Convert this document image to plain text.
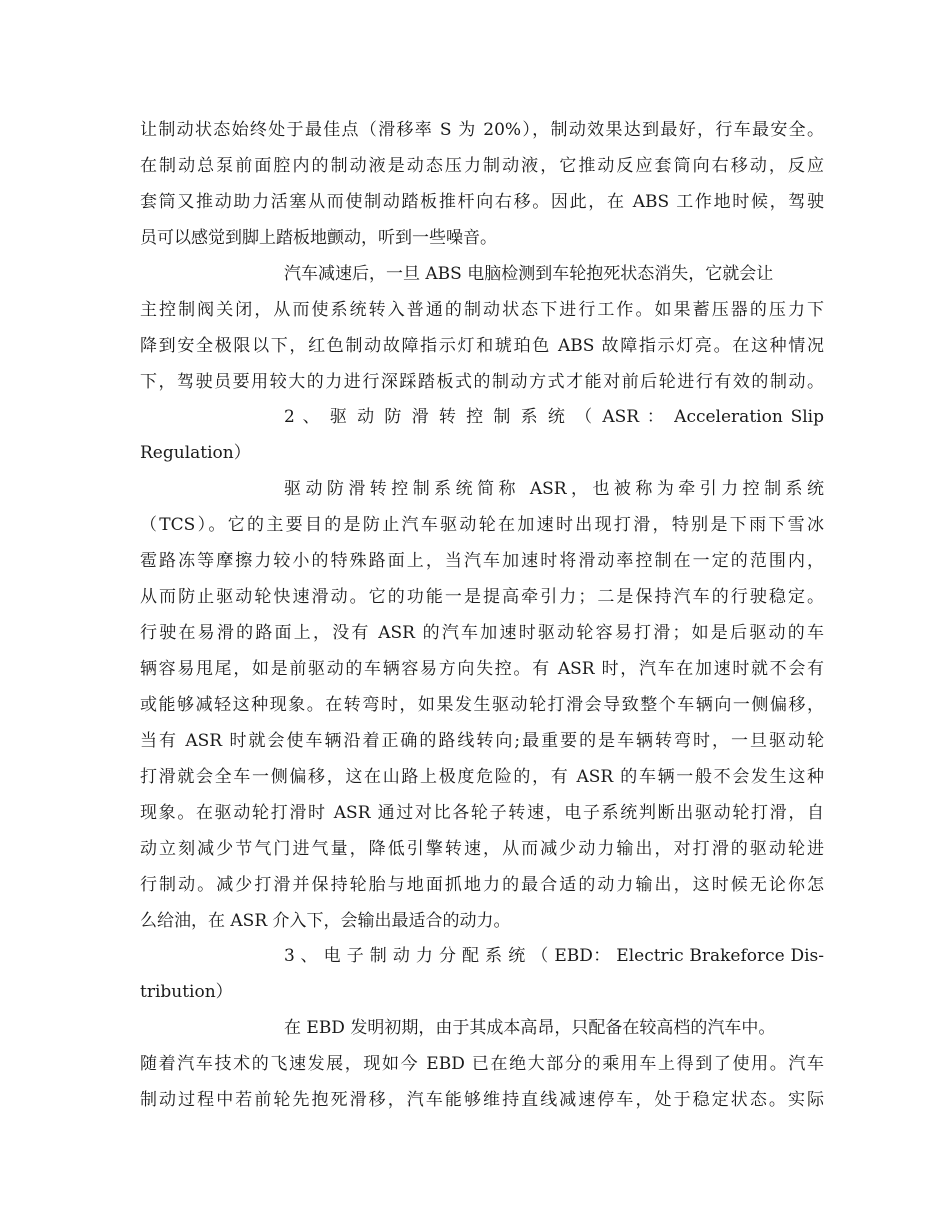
让制动状态始终处于最佳点（滑移率 S 为 20%），制动效果达到最好，行车最安全。
在制动总泵前面腔内的制动液是动态压力制动液，它推动反应套筒向右移动，反应
套筒又推动助力活塞从而使制动踏板推杆向右移。因此，在 ABS 工作地时候，驾驶
员可以感觉到脚上踏板地颤动，听到一些噪音。
汽车减速后，一旦 ABS 电脑检测到车轮抱死状态消失，它就会让
主控制阀关闭，从而使系统转入普通的制动状态下进行工作。如果蓄压器的压力下
降到安全极限以下，红色制动故障指示灯和琥珀色 ABS 故障指示灯亮。在这种情况
下，驾驶员要用较大的力进行深踩踏板式的制动方式才能对前后轮进行有效的制动。
2 、 驱 动 防 滑 转 控 制 系 统 （ ASR ： Acceleration Slip
Regulation）
驱动防滑转控制系统简称 ASR，也被称为牵引力控制系统
（TCS）。它的主要目的是防止汽车驱动轮在加速时出现打滑，特别是下雨下雪冰
雹路冻等摩擦力较小的特殊路面上，当汽车加速时将滑动率控制在一定的范围内，
从而防止驱动轮快速滑动。它的功能一是提高牵引力；二是保持汽车的行驶稳定。
行驶在易滑的路面上，没有 ASR 的汽车加速时驱动轮容易打滑；如是后驱动的车
辆容易甩尾，如是前驱动的车辆容易方向失控。有 ASR 时，汽车在加速时就不会有
或能够减轻这种现象。在转弯时，如果发生驱动轮打滑会导致整个车辆向一侧偏移，
当有 ASR 时就会使车辆沿着正确的路线转向;最重要的是车辆转弯时，一旦驱动轮
打滑就会全车一侧偏移，这在山路上极度危险的，有 ASR 的车辆一般不会发生这种
现象。在驱动轮打滑时 ASR 通过对比各轮子转速，电子系统判断出驱动轮打滑，自
动立刻减少节气门进气量，降低引擎转速，从而减少动力输出，对打滑的驱动轮进
行制动。减少打滑并保持轮胎与地面抓地力的最合适的动力输出，这时候无论你怎
么给油，在 ASR 介入下，会输出最适合的动力。
3 、 电 子 制 动 力 分 配 系 统 （ EBD： Electric Brakeforce Dis-
tribution）
在 EBD 发明初期，由于其成本高昂，只配备在较高档的汽车中。
随着汽车技术的飞速发展，现如今 EBD 已在绝大部分的乘用车上得到了使用。汽车
制动过程中若前轮先抱死滑移，汽车能够维持直线减速停车，处于稳定状态。实际
